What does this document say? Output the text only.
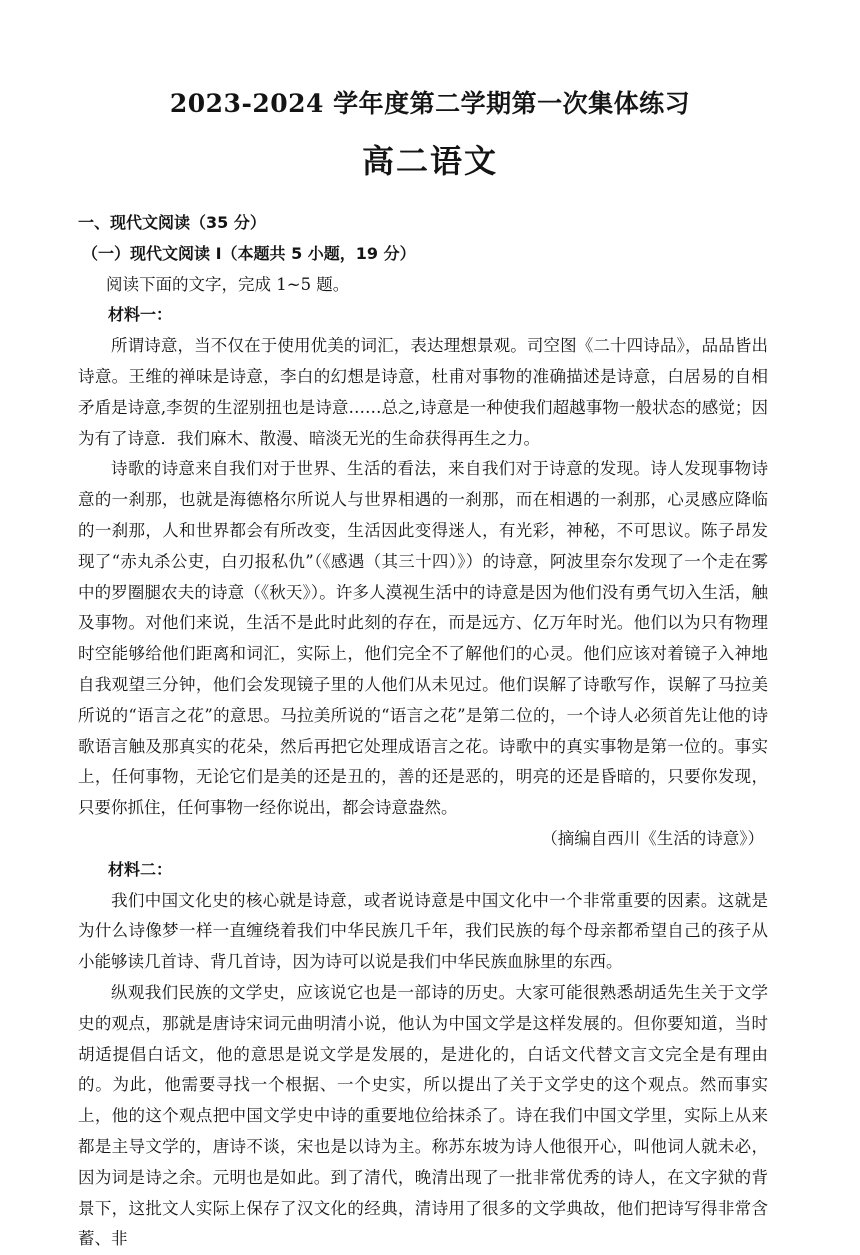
2023-2024 学年度第二学期第一次集体练习
高二语文
一、现代文阅读（35 分）
（一）现代文阅读 I（本题共 5 小题，19 分）
阅读下面的文字，完成 1~5 题。
材料一：

所谓诗意，当不仅在于使用优美的词汇，表达理想景观。司空图《二十四诗品》，品品皆出诗意。王维的禅味是诗意，李白的幻想是诗意，杜甫对事物的准确描述是诗意，白居易的自相矛盾是诗意,李贺的生涩别扭也是诗意……总之,诗意是一种使我们超越事物一般状态的感觉；因为有了诗意．我们麻木、散漫、暗淡无光的生命获得再生之力。

诗歌的诗意来自我们对于世界、生活的看法，来自我们对于诗意的发现。诗人发现事物诗意的一刹那，也就是海德格尔所说人与世界相遇的一刹那，而在相遇的一刹那，心灵感应降临的一刹那，人和世界都会有所改变，生活因此变得迷人，有光彩，神秘，不可思议。陈子昂发现了“赤丸杀公吏，白刃报私仇”（《感遇（其三十四）》）的诗意，阿波里奈尔发现了一个走在雾中的罗圈腿农夫的诗意（《秋天》）。许多人漠视生活中的诗意是因为他们没有勇气切入生活，触及事物。对他们来说，生活不是此时此刻的存在，而是远方、亿万年时光。他们以为只有物理时空能够给他们距离和词汇，实际上，他们完全不了解他们的心灵。他们应该对着镜子入神地自我观望三分钟，他们会发现镜子里的人他们从未见过。他们误解了诗歌写作，误解了马拉美所说的“语言之花”的意思。马拉美所说的“语言之花”是第二位的，一个诗人必须首先让他的诗歌语言触及那真实的花朵，然后再把它处理成语言之花。诗歌中的真实事物是第一位的。事实上，任何事物，无论它们是美的还是丑的，善的还是恶的，明亮的还是昏暗的，只要你发现，只要你抓住，任何事物一经你说出，都会诗意盎然。

（摘编自西川《生活的诗意》）
材料二：

我们中国文化史的核心就是诗意，或者说诗意是中国文化中一个非常重要的因素。这就是为什么诗像梦一样一直缠绕着我们中华民族几千年，我们民族的每个母亲都希望自己的孩子从小能够读几首诗、背几首诗，因为诗可以说是我们中华民族血脉里的东西。

纵观我们民族的文学史，应该说它也是一部诗的历史。大家可能很熟悉胡适先生关于文学史的观点，那就是唐诗宋词元曲明清小说，他认为中国文学是这样发展的。但你要知道，当时胡适提倡白话文，他的意思是说文学是发展的，是进化的，白话文代替文言文完全是有理由的。为此，他需要寻找一个根据、一个史实，所以提出了关于文学史的这个观点。然而事实上，他的这个观点把中国文学史中诗的重要地位给抹杀了。诗在我们中国文学里，实际上从来都是主导文学的，唐诗不谈，宋也是以诗为主。称苏东坡为诗人他很开心，叫他词人就未必，因为词是诗之余。元明也是如此。到了清代，晚清出现了一批非常优秀的诗人，在文字狱的背景下，这批文人实际上保存了汉文化的经典，清诗用了很多的文学典故，他们把诗写得非常含蓄、非
